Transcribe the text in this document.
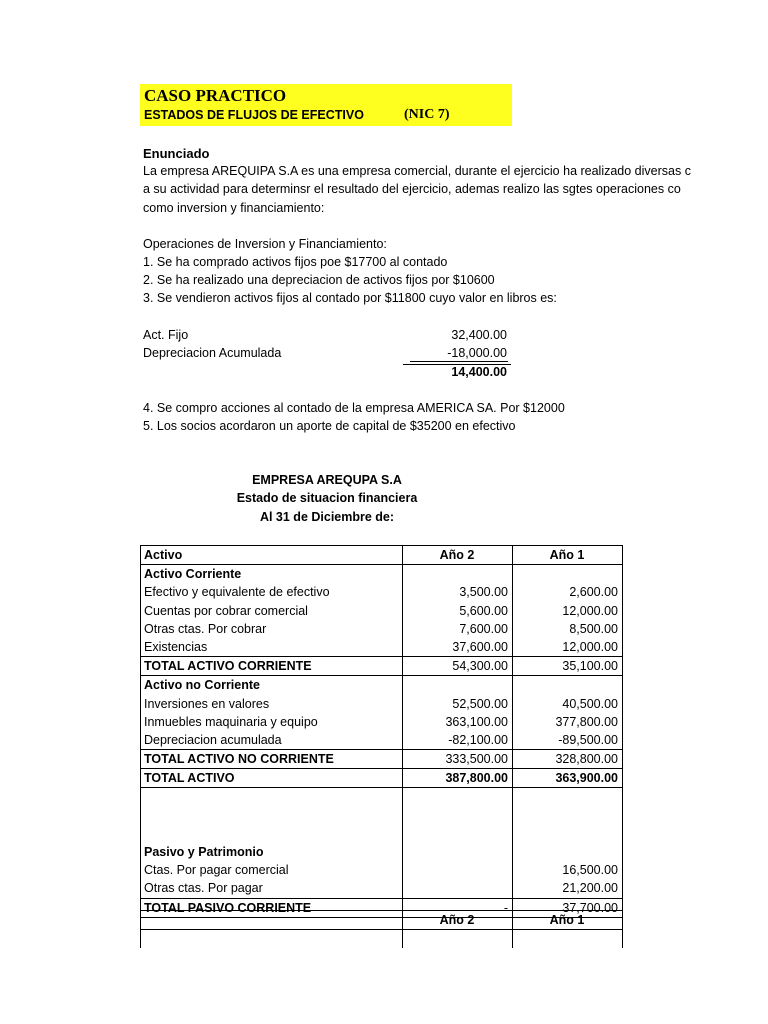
CASO PRACTICO
ESTADOS DE FLUJOS DE EFECTIVO	(NIC 7)
Enunciado
La empresa AREQUIPA S.A es una empresa comercial, durante el ejercicio ha realizado diversas c
a su actividad para determinsr el resultado del ejercicio, ademas realizo las sgtes operaciones co
como inversion y financiamiento:
Operaciones de Inversion y Financiamiento:
1. Se ha comprado activos fijos poe $17700 al contado
2. Se ha realizado una depreciacion de activos fijos por $10600
3. Se vendieron activos fijos al contado por $11800 cuyo valor en libros es:
Act. Fijo	32,400.00
Depreciacion Acumulada	-18,000.00
14,400.00
4. Se compro acciones al contado de la empresa AMERICA SA. Por $12000
5. Los socios acordaron un aporte de capital de $35200 en efectivo
EMPRESA AREQUPA S.A
Estado de situacion financiera
Al 31 de Diciembre de:
Activo	Año 2	Año 1
Activo Corriente		
Efectivo y equivalente de efectivo	3,500.00	2,600.00
Cuentas por cobrar comercial	5,600.00	12,000.00
Otras ctas. Por cobrar	7,600.00	8,500.00
Existencias	37,600.00	12,000.00
TOTAL ACTIVO CORRIENTE	54,300.00	35,100.00
Activo no Corriente		
Inversiones en valores	52,500.00	40,500.00
Inmuebles maquinaria y equipo	363,100.00	377,800.00
Depreciacion acumulada	-82,100.00	-89,500.00
TOTAL ACTIVO NO CORRIENTE	333,500.00	328,800.00
TOTAL ACTIVO	387,800.00	363,900.00

Pasivo y Patrimonio		
Ctas. Por pagar comercial		16,500.00
Otras ctas. Por pagar		21,200.00
TOTAL PASIVO CORRIENTE	-	37,700.00
	Año 2	Año 1
